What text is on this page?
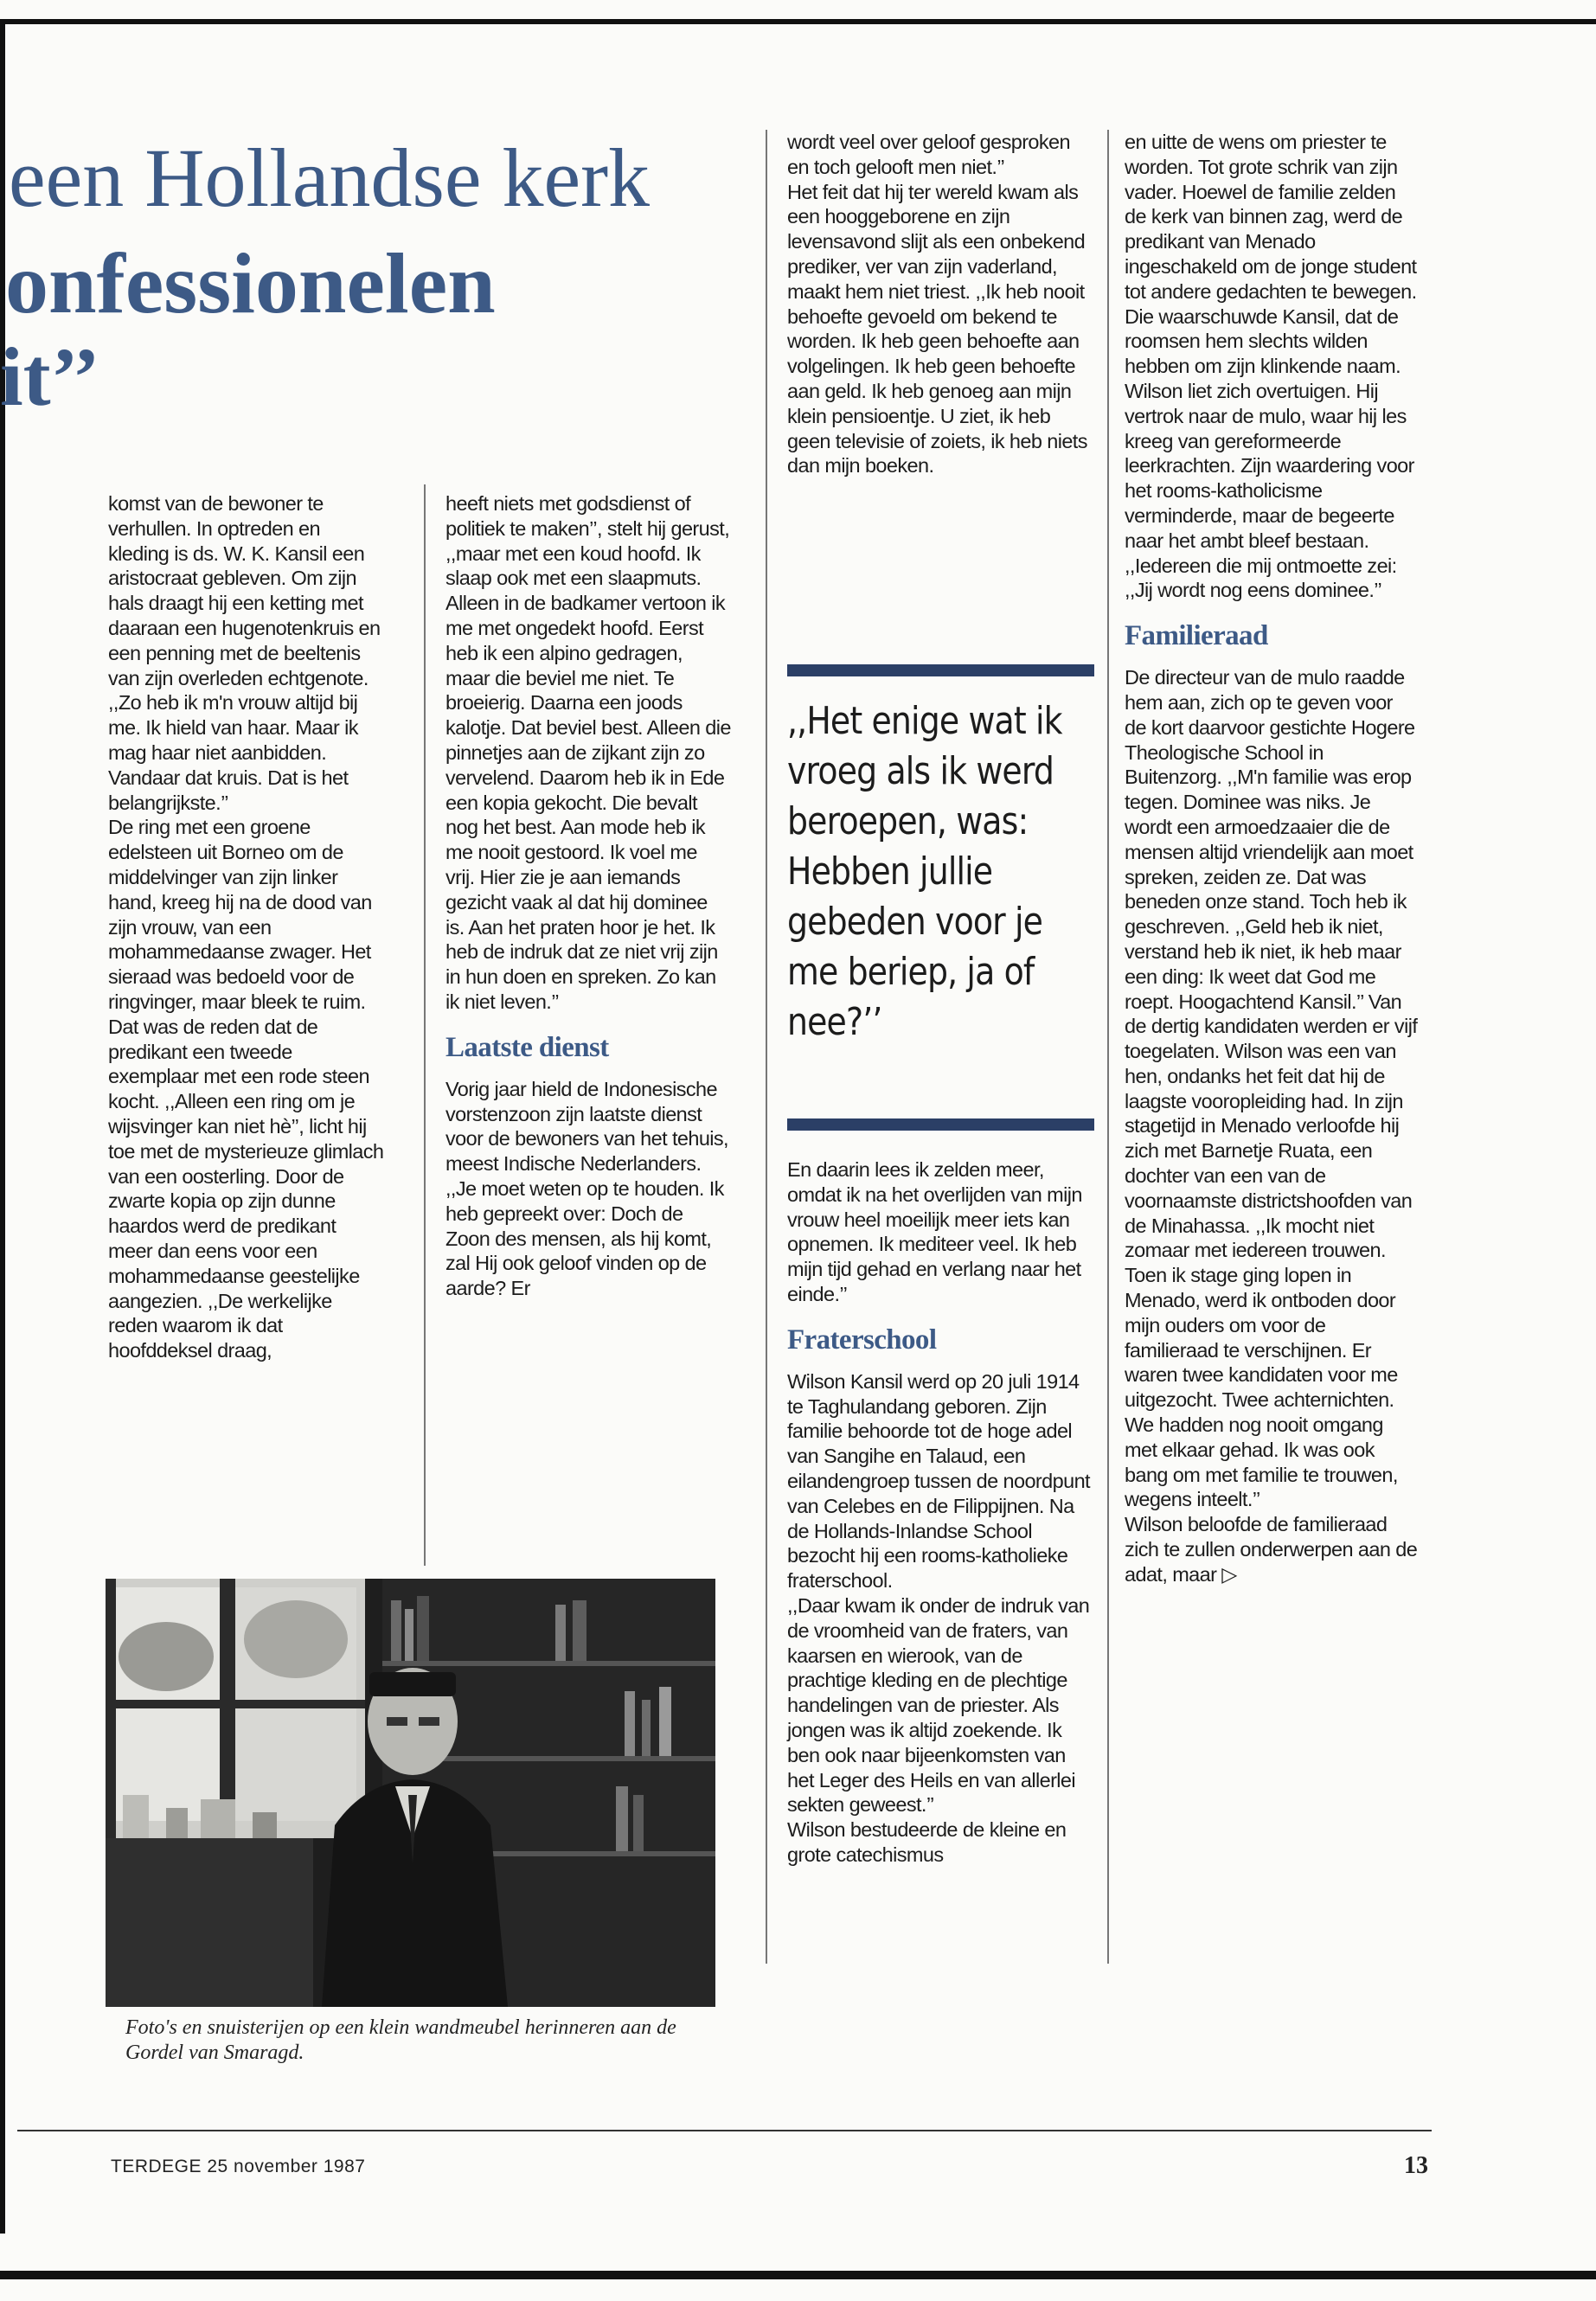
een Hollandse kerk
onfessionelen
it’’

komst van de bewoner te verhullen. In optreden en kleding is ds. W. K. Kansil een aristocraat gebleven. Om zijn hals draagt hij een ketting met daaraan een hugenotenkruis en een penning met de beeltenis van zijn overleden echtgenote. ,,Zo heb ik m'n vrouw altijd bij me. Ik hield van haar. Maar ik mag haar niet aanbidden. Vandaar dat kruis. Dat is het belangrijkste.’’

De ring met een groene edelsteen uit Borneo om de middelvinger van zijn linker hand, kreeg hij na de dood van zijn vrouw, van een mohammedaanse zwager. Het sieraad was bedoeld voor de ringvinger, maar bleek te ruim. Dat was de reden dat de predikant een tweede exemplaar met een rode steen kocht. ,,Alleen een ring om je wijsvinger kan niet hè’’, licht hij toe met de mysterieuze glimlach van een oosterling. Door de zwarte kopia op zijn dunne haardos werd de predikant meer dan eens voor een mohammedaanse geestelijke aangezien. ,,De werkelijke reden waarom ik dat hoofddeksel draag,

heeft niets met godsdienst of politiek te maken’’, stelt hij gerust, ,,maar met een koud hoofd. Ik slaap ook met een slaapmuts. Alleen in de badkamer vertoon ik me met ongedekt hoofd. Eerst heb ik een alpino gedragen, maar die beviel me niet. Te broeierig. Daarna een joods kalotje. Dat beviel best. Alleen die pinnetjes aan de zijkant zijn zo vervelend. Daarom heb ik in Ede een kopia gekocht. Die bevalt nog het best. Aan mode heb ik me nooit gestoord. Ik voel me vrij. Hier zie je aan iemands gezicht vaak al dat hij dominee is. Aan het praten hoor je het. Ik heb de indruk dat ze niet vrij zijn in hun doen en spreken. Zo kan ik niet leven.’’

Laatste dienst

Vorig jaar hield de Indonesische vorstenzoon zijn laatste dienst voor de bewoners van het tehuis, meest Indische Nederlanders. ,,Je moet weten op te houden. Ik heb gepreekt over: Doch de Zoon des mensen, als hij komt, zal Hij ook geloof vinden op de aarde? Er

wordt veel over geloof gesproken en toch gelooft men niet.’’

Het feit dat hij ter wereld kwam als een hooggeborene en zijn levensavond slijt als een onbekend prediker, ver van zijn vaderland, maakt hem niet triest. ,,Ik heb nooit behoefte gevoeld om bekend te worden. Ik heb geen behoefte aan volgelingen. Ik heb geen behoefte aan geld. Ik heb genoeg aan mijn klein pensioentje. U ziet, ik heb geen televisie of zoiets, ik heb niets dan mijn boeken.

,,Het enige wat ik vroeg als ik werd beroepen, was: Hebben jullie gebeden voor je me beriep, ja of nee?’’

En daarin lees ik zelden meer, omdat ik na het overlijden van mijn vrouw heel moeilijk meer iets kan opnemen. Ik mediteer veel. Ik heb mijn tijd gehad en verlang naar het einde.’’

Fraterschool

Wilson Kansil werd op 20 juli 1914 te Taghulandang geboren. Zijn familie behoorde tot de hoge adel van Sangihe en Talaud, een eilandengroep tussen de noordpunt van Celebes en de Filippijnen. Na de Hollands-Inlandse School bezocht hij een rooms-katholieke fraterschool.

,,Daar kwam ik onder de indruk van de vroomheid van de fraters, van kaarsen en wierook, van de prachtige kleding en de plechtige handelingen van de priester. Als jongen was ik altijd zoekende. Ik ben ook naar bijeenkomsten van het Leger des Heils en van allerlei sekten geweest.’’

Wilson bestudeerde de kleine en grote catechismus

en uitte de wens om priester te worden. Tot grote schrik van zijn vader. Hoewel de familie zelden de kerk van binnen zag, werd de predikant van Menado ingeschakeld om de jonge student tot andere gedachten te bewegen. Die waarschuwde Kansil, dat de roomsen hem slechts wilden hebben om zijn klinkende naam. Wilson liet zich overtuigen. Hij vertrok naar de mulo, waar hij les kreeg van gereformeerde leerkrachten. Zijn waardering voor het rooms-katholicisme verminderde, maar de begeerte naar het ambt bleef bestaan. ,,Iedereen die mij ontmoette zei: ,,Jij wordt nog eens dominee.’’

Familieraad

De directeur van de mulo raadde hem aan, zich op te geven voor de kort daarvoor gestichte Hogere Theologische School in Buitenzorg. ,,M'n familie was erop tegen. Dominee was niks. Je wordt een armoedzaaier die de mensen altijd vriendelijk aan moet spreken, zeiden ze. Dat was beneden onze stand. Toch heb ik geschreven. ,,Geld heb ik niet, verstand heb ik niet, ik heb maar een ding: Ik weet dat God me roept. Hoogachtend Kansil.’’ Van de dertig kandidaten werden er vijf toegelaten. Wilson was een van hen, ondanks het feit dat hij de laagste vooropleiding had. In zijn stagetijd in Menado verloofde hij zich met Barnetje Ruata, een dochter van een van de voornaamste districtshoofden van de Minahassa. ,,Ik mocht niet zomaar met iedereen trouwen. Toen ik stage ging lopen in Menado, werd ik ontboden door mijn ouders om voor de familieraad te verschijnen. Er waren twee kandidaten voor me uitgezocht. Twee achternichten. We hadden nog nooit omgang met elkaar gehad. Ik was ook bang om met familie te trouwen, wegens inteelt.’’

Wilson beloofde de familieraad zich te zullen onderwerpen aan de adat, maar ▷

Foto's en snuisterijen op een klein wandmeubel herinneren aan de Gordel van Smaragd.
TERDEGE 25 november 1987	13
